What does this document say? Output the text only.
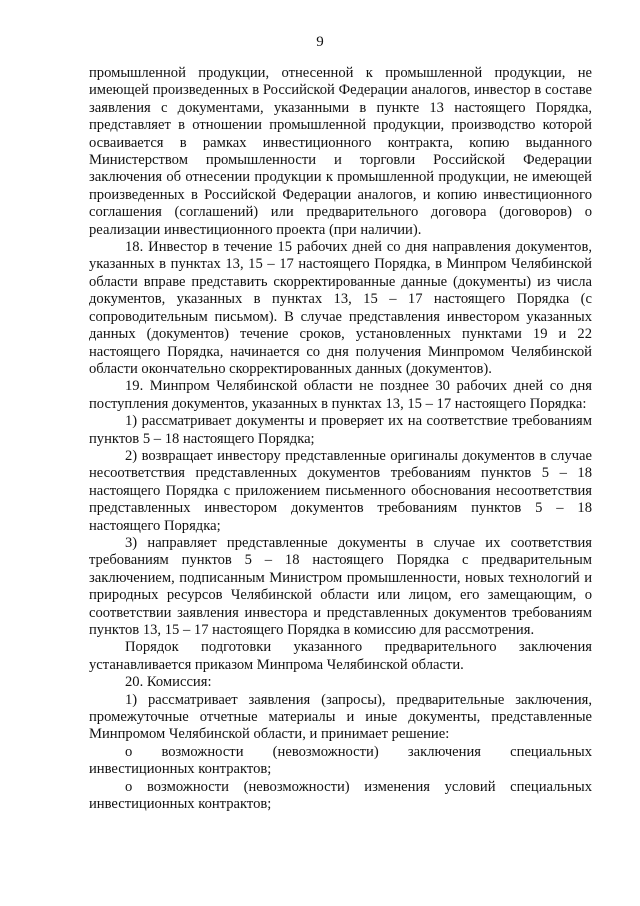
9

промышленной продукции, отнесенной к промышленной продукции, не имеющей произведенных в Российской Федерации аналогов, инвестор в составе заявления с документами, указанными в пункте 13 настоящего Порядка, представляет в отношении промышленной продукции, производство которой осваивается в рамках инвестиционного контракта, копию выданного Министерством промышленности и торговли Российской Федерации заключения об отнесении продукции к промышленной продукции, не имеющей произведенных в Российской Федерации аналогов, и копию инвестиционного соглашения (соглашений) или предварительного договора (договоров) о реализации инвестиционного проекта (при наличии).

18. Инвестор в течение 15 рабочих дней со дня направления документов, указанных в пунктах 13, 15 – 17 настоящего Порядка, в Минпром Челябинской области вправе представить скорректированные данные (документы) из числа документов, указанных в пунктах 13, 15 – 17 настоящего Порядка (с сопроводительным письмом). В случае представления инвестором указанных данных (документов) течение сроков, установленных пунктами 19 и 22 настоящего Порядка, начинается со дня получения Минпромом Челябинской области окончательно скорректированных данных (документов).

19. Минпром Челябинской области не позднее 30 рабочих дней со дня поступления документов, указанных в пунктах 13, 15 – 17 настоящего Порядка:

1) рассматривает документы и проверяет их на соответствие требованиям пунктов 5 – 18 настоящего Порядка;

2) возвращает инвестору представленные оригиналы документов в случае несоответствия представленных документов требованиям пунктов 5 – 18 настоящего Порядка с приложением письменного обоснования несоответствия представленных инвестором документов требованиям пунктов 5 – 18 настоящего Порядка;

3) направляет представленные документы в случае их соответствия требованиям пунктов 5 – 18 настоящего Порядка с предварительным заключением, подписанным Министром промышленности, новых технологий и природных ресурсов Челябинской области или лицом, его замещающим, о соответствии заявления инвестора и представленных документов требованиям пунктов 13, 15 – 17 настоящего Порядка в комиссию для рассмотрения.

Порядок подготовки указанного предварительного заключения устанавливается приказом Минпрома Челябинской области.

20. Комиссия:

1) рассматривает заявления (запросы), предварительные заключения, промежуточные отчетные материалы и иные документы, представленные Минпромом Челябинской области, и принимает решение:

о возможности (невозможности) заключения специальных инвестиционных контрактов;

о возможности (невозможности) изменения условий специальных инвестиционных контрактов;
